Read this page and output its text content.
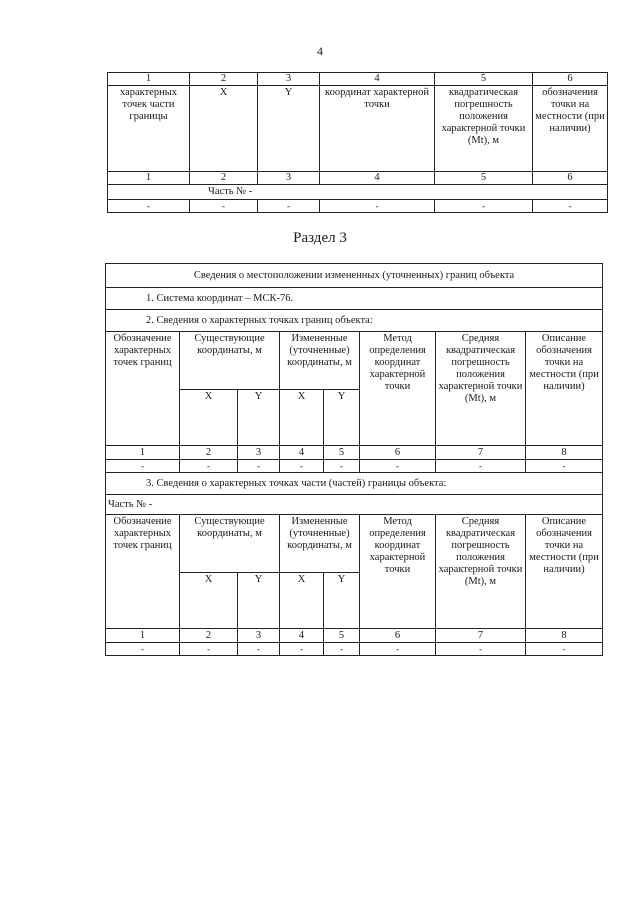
4
1	2	3	4	5	6
характерных точек части границы	X	Y	координат характерной точки	квадратическая погрешность положения характерной точки (Mt), м	обозначения точки на местности (при наличии)
1	2	3	4	5	6
Часть № -					
-	-	-	-	-	-
Раздел 3
Сведения о местоположении измененных (уточненных) границ объекта							
1. Система координат – МСК-76.							
2. Сведения о характерных точках границ объекта:							
Обозначение характерных точек границ	Существующие координаты, м		Измененные (уточненные) координаты, м		Метод определения координат характерной точки	Средняя квадратическая погрешность положения характерной точки (Mt), м	Описание обозначения точки на местности (при наличии)
	X	Y	X	Y			
1	2	3	4	5	6	7	8
-	-	-	-	-	-	-	-
3. Сведения о характерных точках части (частей) границы объекта:							
Часть № -							
Обозначение характерных точек границ	Существующие координаты, м		Измененные (уточненные) координаты, м		Метод определения координат характерной точки	Средняя квадратическая погрешность положения характерной точки (Mt), м	Описание обозначения точки на местности (при наличии)
	X	Y	X	Y			
1	2	3	4	5	6	7	8
-	-	-	-	-	-	-	-
